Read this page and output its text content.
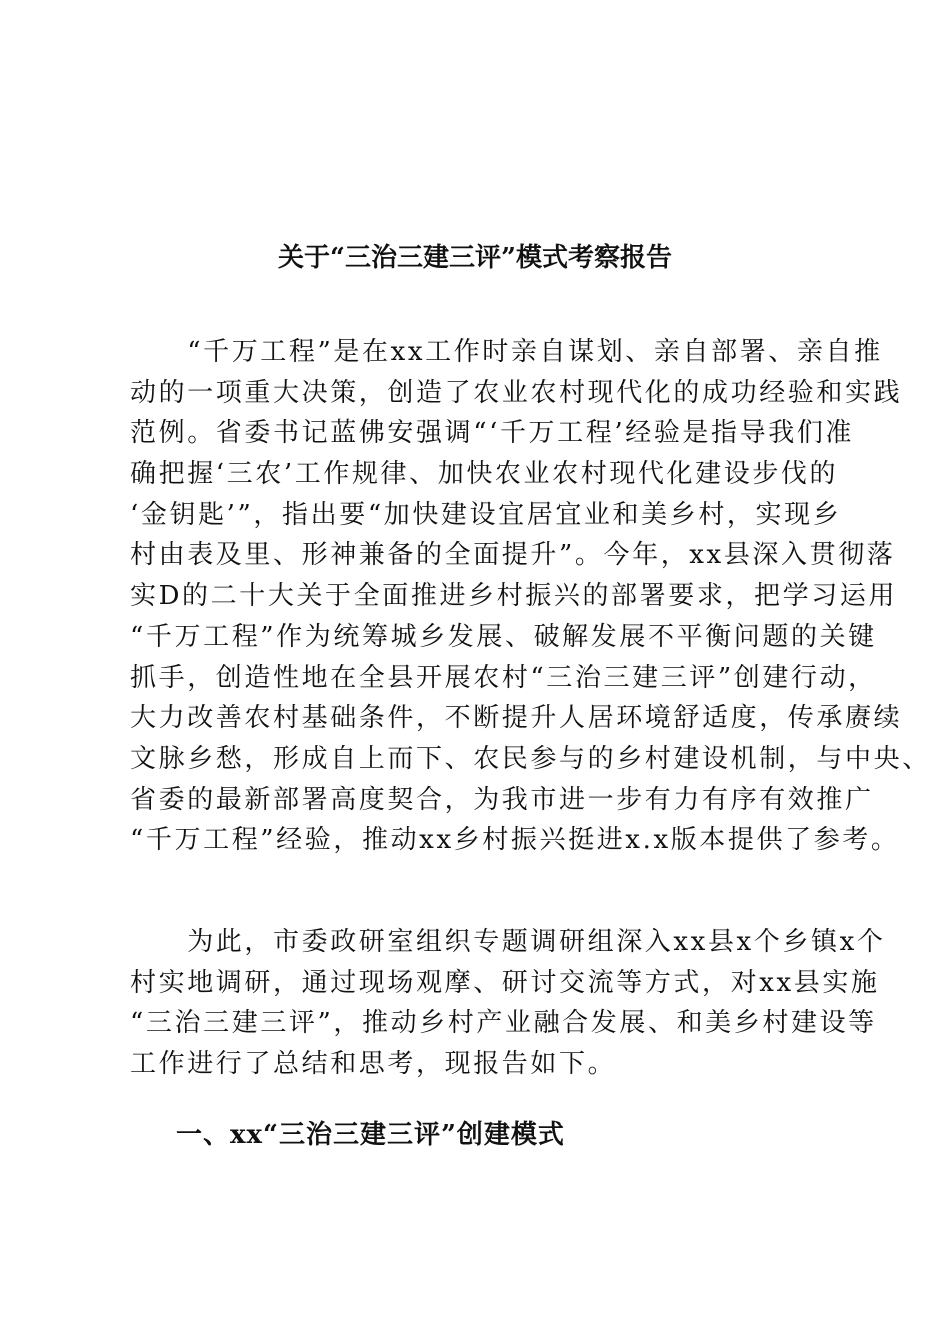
关于“三治三建三评”模式考察报告
　　“千万工程”是在xx工作时亲自谋划、亲自部署、亲自推
动的一项重大决策，创造了农业农村现代化的成功经验和实践
范例。省委书记蓝佛安强调“‘千万工程’经验是指导我们准
确把握‘三农’工作规律、加快农业农村现代化建设步伐的
‘金钥匙’”，指出要“加快建设宜居宜业和美乡村，实现乡
村由表及里、形神兼备的全面提升”。今年，xx县深入贯彻落
实D的二十大关于全面推进乡村振兴的部署要求，把学习运用
“千万工程”作为统筹城乡发展、破解发展不平衡问题的关键
抓手，创造性地在全县开展农村“三治三建三评”创建行动，
大力改善农村基础条件，不断提升人居环境舒适度，传承赓续
文脉乡愁，形成自上而下、农民参与的乡村建设机制，与中央、
省委的最新部署高度契合，为我市进一步有力有序有效推广
“千万工程”经验，推动xx乡村振兴挺进x.x版本提供了参考。
　　为此，市委政研室组织专题调研组深入xx县x个乡镇x个
村实地调研，通过现场观摩、研讨交流等方式，对xx县实施
“三治三建三评”，推动乡村产业融合发展、和美乡村建设等
工作进行了总结和思考，现报告如下。
一、xx“三治三建三评”创建模式
